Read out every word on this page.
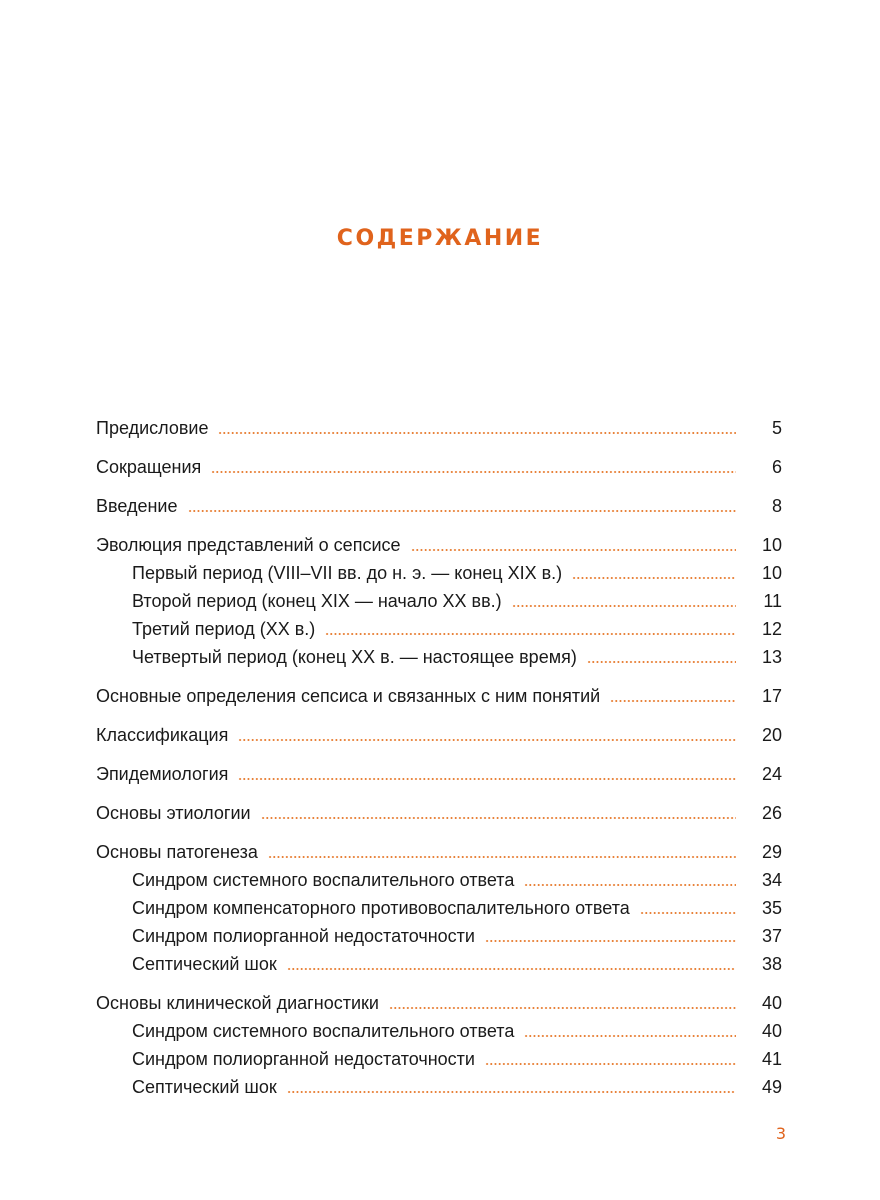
СОДЕРЖАНИЕ
Предисловие	5
Сокращения	6
Введение	8
Эволюция представлений о сепсисе	10
Первый период (VIII–VII вв. до н. э. — конец XIX в.)	10
Второй период (конец XIX — начало XX вв.)	11
Третий период (XX в.)	12
Четвертый период (конец XX в. — настоящее время)	13
Основные определения сепсиса и связанных с ним понятий	17
Классификация	20
Эпидемиология	24
Основы этиологии	26
Основы патогенеза	29
Синдром системного воспалительного ответа	34
Синдром компенсаторного противовоспалительного ответа	35
Синдром полиорганной недостаточности	37
Септический шок	38
Основы клинической диагностики	40
Синдром системного воспалительного ответа	40
Синдром полиорганной недостаточности	41
Септический шок	49
3
